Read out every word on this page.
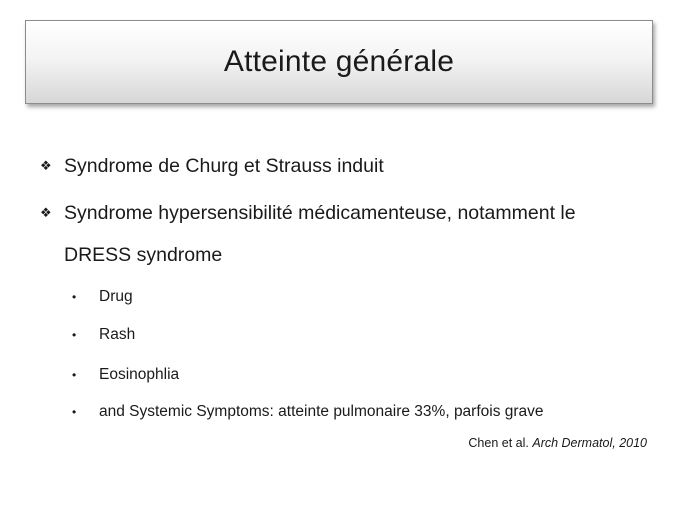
Atteinte générale
❖ Syndrome de Churg et Strauss induit
❖ Syndrome hypersensibilité médicamenteuse, notamment le DRESS syndrome
•	Drug
•	Rash
•	Eosinophlia
•	and Systemic Symptoms: atteinte pulmonaire 33%, parfois grave
Chen et al. Arch Dermatol, 2010
